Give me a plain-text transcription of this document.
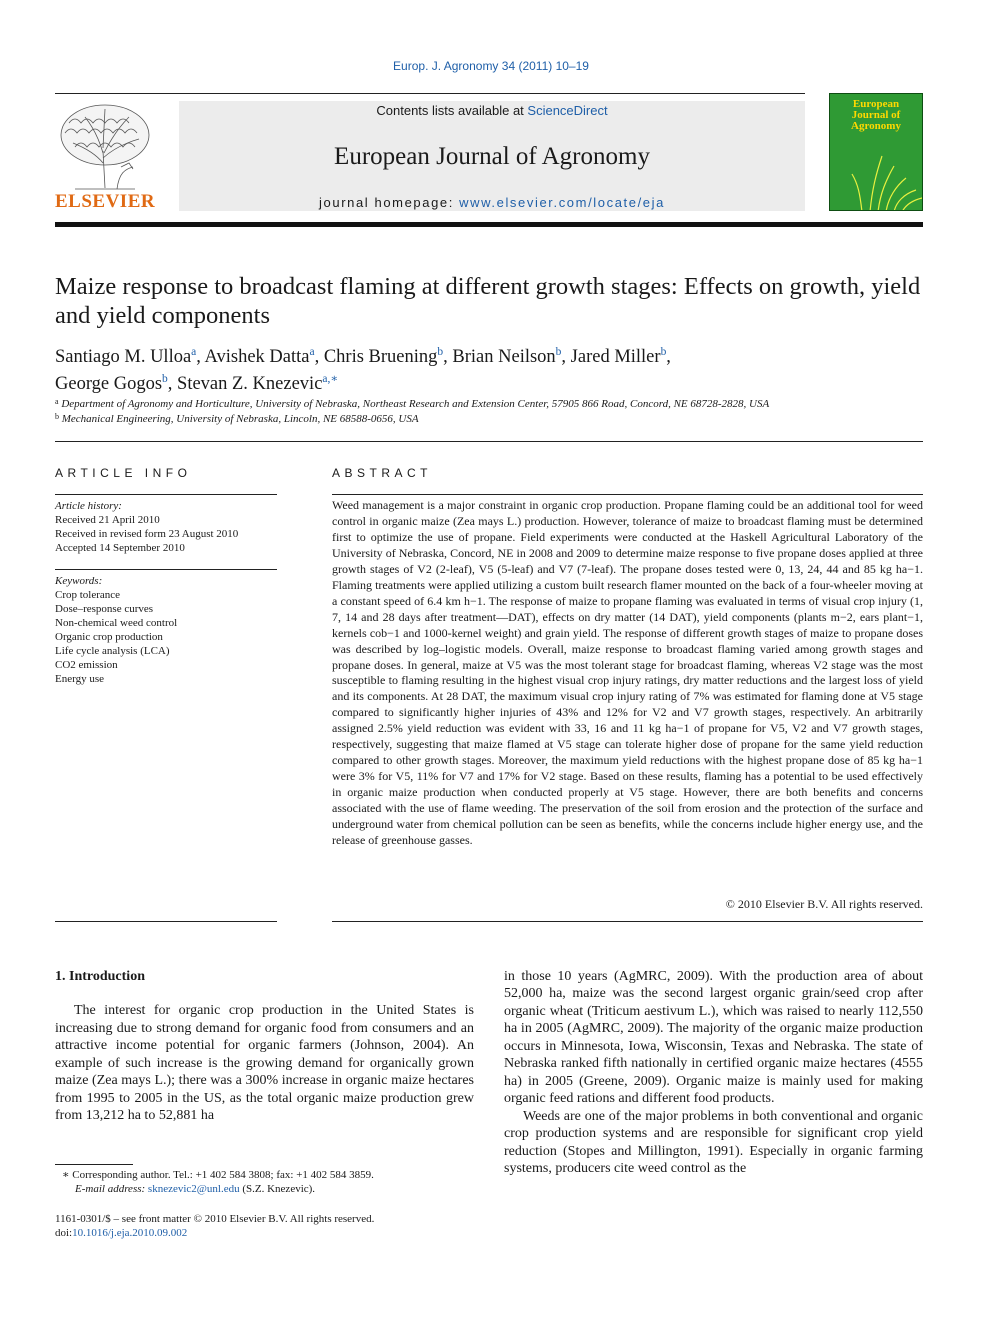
Europ. J. Agronomy 34 (2011) 10–19
ELSEVIER
Contents lists available at ScienceDirect
European Journal of Agronomy
journal homepage: www.elsevier.com/locate/eja
European
Journal of
Agronomy
Maize response to broadcast flaming at different growth stages: Effects on growth, yield and yield components
Santiago M. Ulloa$^a$, Avishek Datta$^a$, Chris Bruening$^b$, Brian Neilson$^b$, Jared Miller$^b$,
George Gogos$^b$, Stevan Z. Knezevic$^{a,∗}$
$^a$ Department of Agronomy and Horticulture, University of Nebraska, Northeast Research and Extension Center, 57905 866 Road, Concord, NE 68728-2828, USA
$^b$ Mechanical Engineering, University of Nebraska, Lincoln, NE 68588-0656, USA
ARTICLE INFO
Article history:
Received 21 April 2010
Received in revised form 23 August 2010
Accepted 14 September 2010
Keywords:
Crop tolerance
Dose–response curves
Non-chemical weed control
Organic crop production
Life cycle analysis (LCA)
CO2 emission
Energy use
ABSTRACT
Weed management is a major constraint in organic crop production. Propane flaming could be an additional tool for weed control in organic maize (Zea mays L.) production. However, tolerance of maize to broadcast flaming must be determined first to optimize the use of propane. Field experiments were conducted at the Haskell Agricultural Laboratory of the University of Nebraska, Concord, NE in 2008 and 2009 to determine maize response to five propane doses applied at three growth stages of V2 (2-leaf), V5 (5-leaf) and V7 (7-leaf). The propane doses tested were 0, 13, 24, 44 and 85 kg ha−1. Flaming treatments were applied utilizing a custom built research flamer mounted on the back of a four-wheeler moving at a constant speed of 6.4 km h−1. The response of maize to propane flaming was evaluated in terms of visual crop injury (1, 7, 14 and 28 days after treatment—DAT), effects on dry matter (14 DAT), yield components (plants m−2, ears plant−1, kernels cob−1 and 1000-kernel weight) and grain yield. The response of different growth stages of maize to propane doses was described by log–logistic models. Overall, maize response to broadcast flaming varied among growth stages and propane doses. In general, maize at V5 was the most tolerant stage for broadcast flaming, whereas V2 stage was the most susceptible to flaming resulting in the highest visual crop injury ratings, dry matter reductions and the largest loss of yield and its components. At 28 DAT, the maximum visual crop injury rating of 7% was estimated for flaming done at V5 stage compared to significantly higher injuries of 43% and 12% for V2 and V7 growth stages, respectively. An arbitrarily assigned 2.5% yield reduction was evident with 33, 16 and 11 kg ha−1 of propane for V5, V2 and V7 growth stages, respectively, suggesting that maize flamed at V5 stage can tolerate higher dose of propane for the same yield reduction compared to other growth stages. Moreover, the maximum yield reductions with the highest propane dose of 85 kg ha−1 were 3% for V5, 11% for V7 and 17% for V2 stage. Based on these results, flaming has a potential to be used effectively in organic maize production when conducted properly at V5 stage. However, there are both benefits and concerns associated with the use of flame weeding. The preservation of the soil from erosion and the protection of the surface and underground water from chemical pollution can be seen as benefits, while the concerns include higher energy use, and the release of greenhouse gasses.
© 2010 Elsevier B.V. All rights reserved.
1. Introduction

The interest for organic crop production in the United States is increasing due to strong demand for organic food from consumers and an attractive income potential for organic farmers (Johnson, 2004). An example of such increase is the growing demand for organically grown maize (Zea mays L.); there was a 300% increase in organic maize hectares from 1995 to 2005 in the US, as the total organic maize production grew from 13,212 ha to 52,881 ha

in those 10 years (AgMRC, 2009). With the production area of about 52,000 ha, maize was the second largest organic grain/seed crop after organic wheat (Triticum aestivum L.), which was raised to nearly 112,550 ha in 2005 (AgMRC, 2009). The majority of the organic maize production occurs in Minnesota, Iowa, Wisconsin, Texas and Nebraska. The state of Nebraska ranked fifth nationally in certified organic maize hectares (4555 ha) in 2005 (Greene, 2009). Organic maize is mainly used for making organic feed rations and different food products.

Weeds are one of the major problems in both conventional and organic crop production systems and are responsible for significant crop yield reduction (Stopes and Millington, 1991). Especially in organic farming systems, producers cite weed control as the

∗ Corresponding author. Tel.: +1 402 584 3808; fax: +1 402 584 3859.
E-mail address: sknezevic2@unl.edu (S.Z. Knezevic).
1161-0301/$ – see front matter © 2010 Elsevier B.V. All rights reserved.
doi:10.1016/j.eja.2010.09.002
